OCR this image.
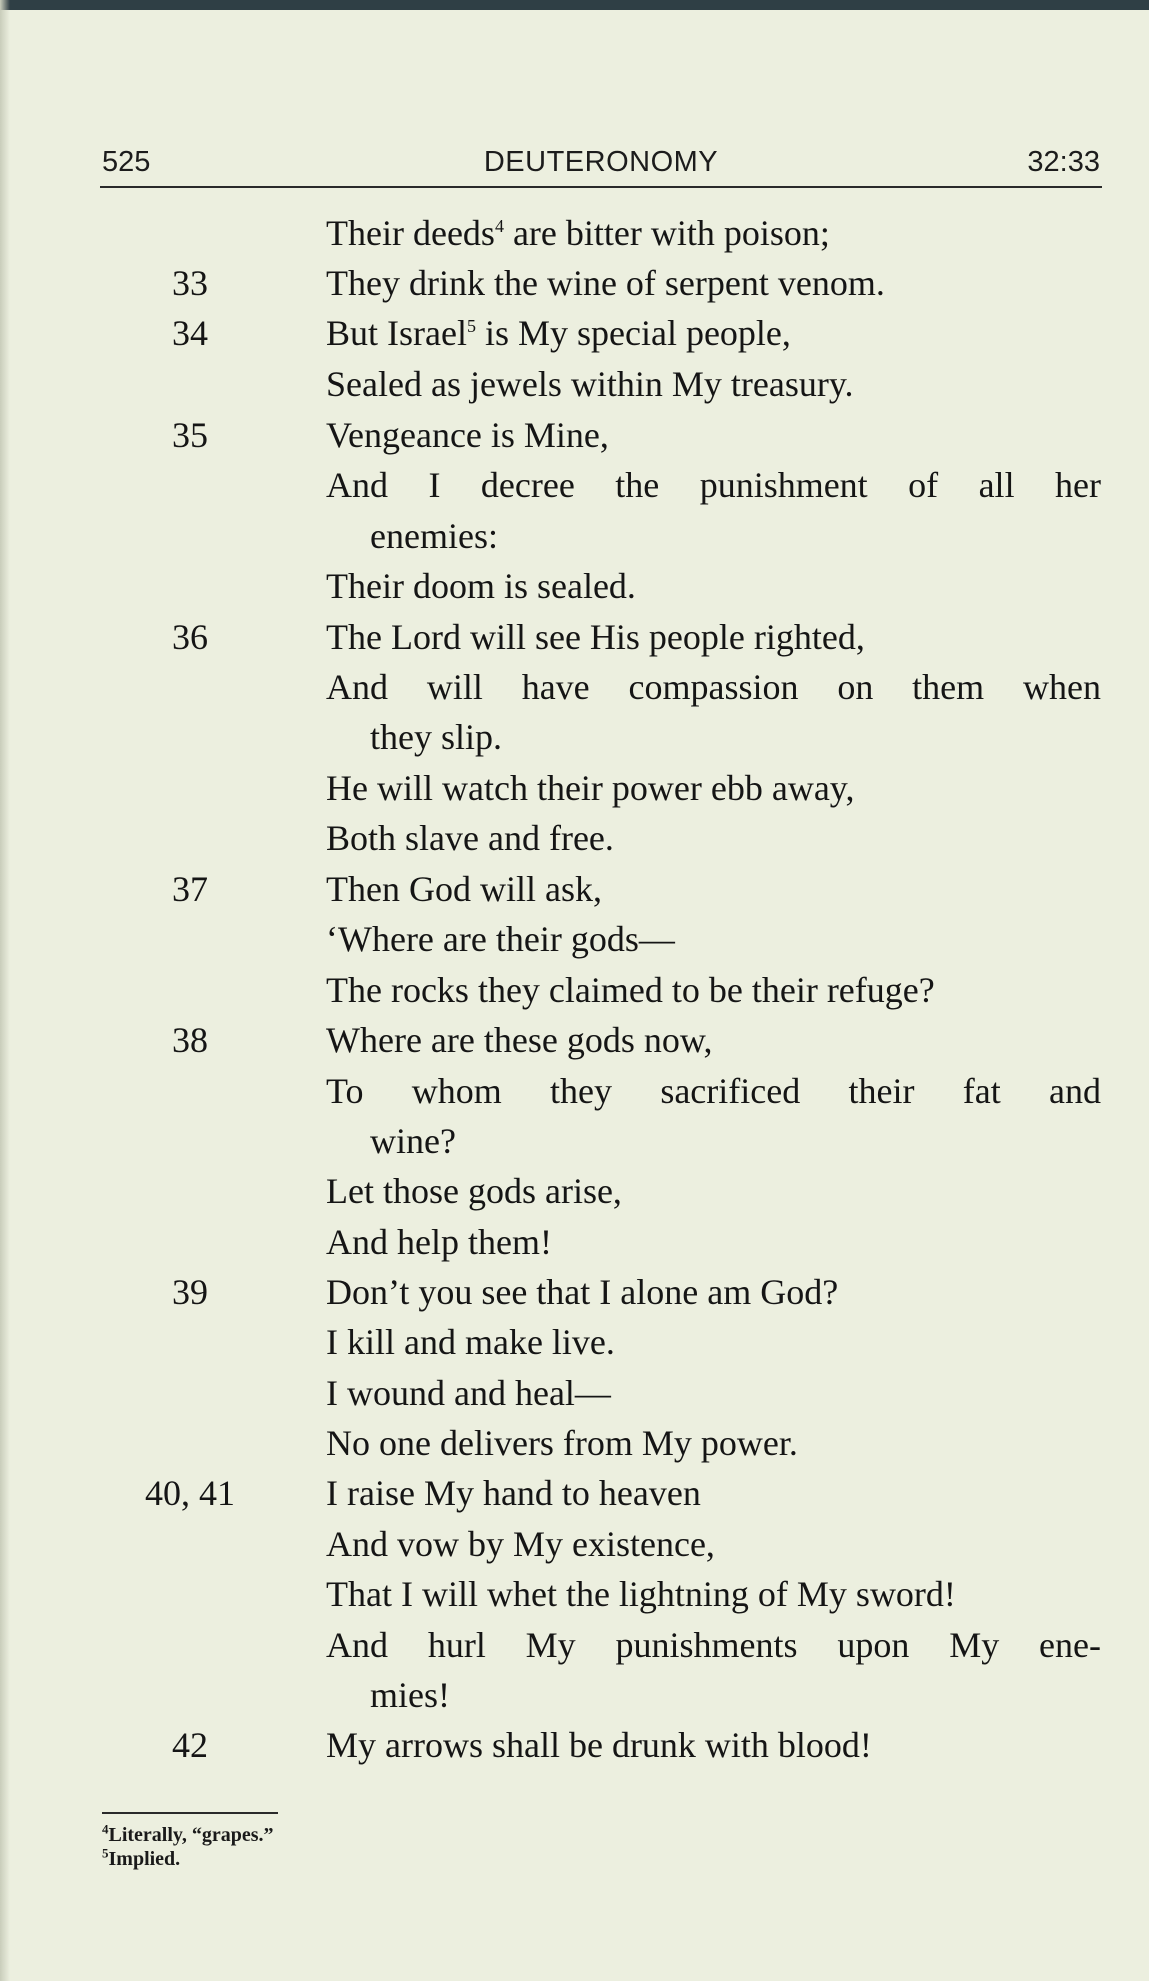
525	DEUTERONOMY	32:33
33
34
35
36
37
38
39
40, 41
42
Their deeds$^4$ are bitter with poison;
They drink the wine of serpent venom.
But Israel$^5$ is My special people,
Sealed as jewels within My treasury.
Vengeance is Mine,
And I decree the punishment of all her
enemies:
Their doom is sealed.
The Lord will see His people righted,
And will have compassion on them when
they slip.
He will watch their power ebb away,
Both slave and free.
Then God will ask,
‘Where are their gods—
The rocks they claimed to be their refuge?
Where are these gods now,
To whom they sacrificed their fat and
wine?
Let those gods arise,
And help them!
Don’t you see that I alone am God?
I kill and make live.
I wound and heal—
No one delivers from My power.
I raise My hand to heaven
And vow by My existence,
That I will whet the lightning of My sword!
And hurl My punishments upon My ene-
mies!
My arrows shall be drunk with blood!
$^4$Literally, “grapes.”
$^5$Implied.
